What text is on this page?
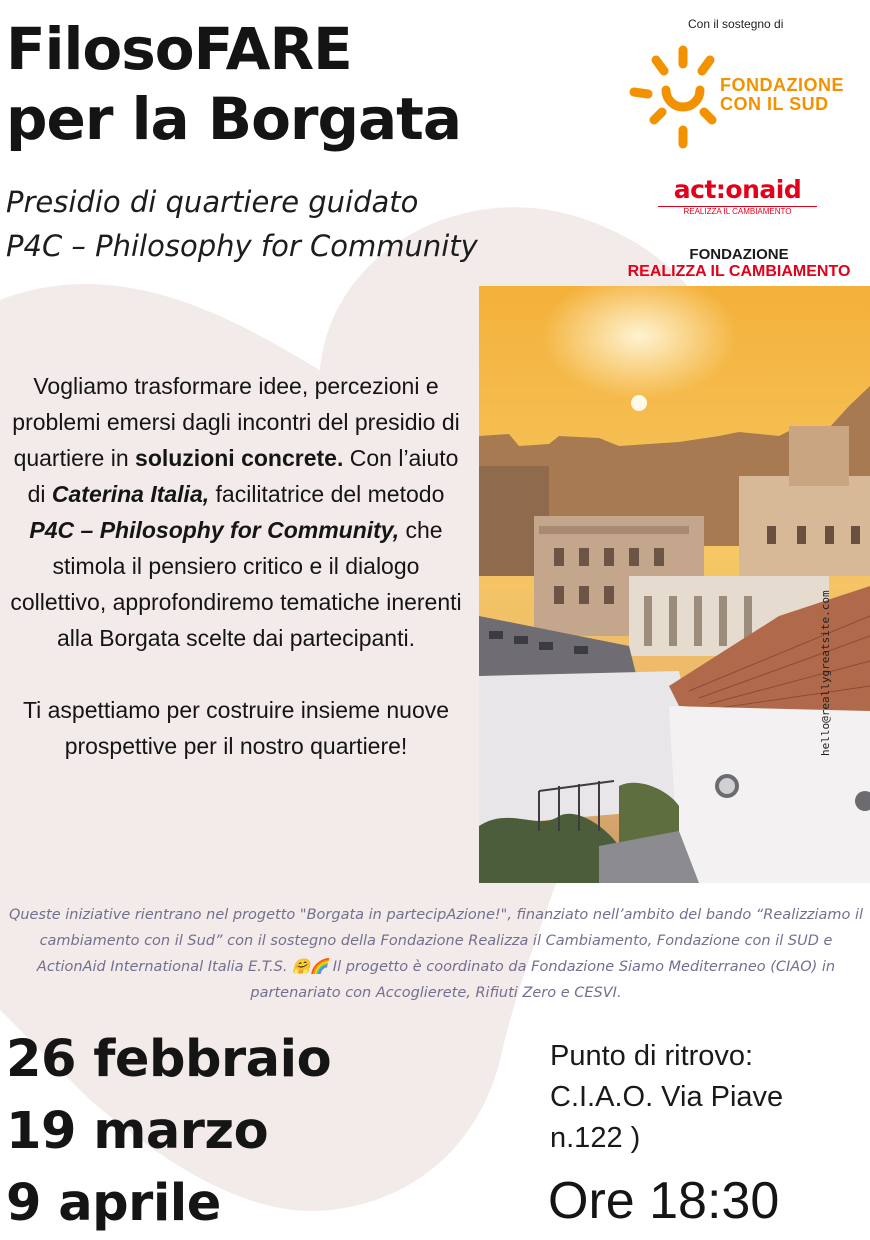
FilosoFARE
per la Borgata
Presidio di quartiere guidato
P4C – Philosophy for Community
Con il sostegno di
FONDAZIONE
CON IL SUD
act:onaid
REALIZZA IL CAMBIAMENTO
FONDAZIONE
REALIZZA IL CAMBIAMENTO
hello@reallygreatsite.com

Vogliamo trasformare idee, percezioni e problemi emersi dagli incontri del presidio di quartiere in soluzioni concrete. Con l’aiuto di Caterina Italia, facilitatrice del metodo P4C – Philosophy for Community, che stimola il pensiero critico e il dialogo collettivo, approfondiremo tematiche inerenti alla Borgata scelte dai partecipanti.

Ti aspettiamo per costruire insieme nuove prospettive per il nostro quartiere!

Queste iniziative rientrano nel progetto "Borgata in partecipAzione!", finanziato nell’ambito del bando “Realizziamo il cambiamento con il Sud” con il sostegno della Fondazione Realizza il Cambiamento, Fondazione con il SUD e ActionAid International Italia E.T.S. 🤗🌈 Il progetto è coordinato da Fondazione Siamo Mediterraneo (CIAO) in partenariato con Accoglierete, Rifiuti Zero e CESVI.
26 febbraio
19 marzo
9 aprile
Punto di ritrovo:
C.I.A.O. Via Piave
n.122 )
Ore 18:30
